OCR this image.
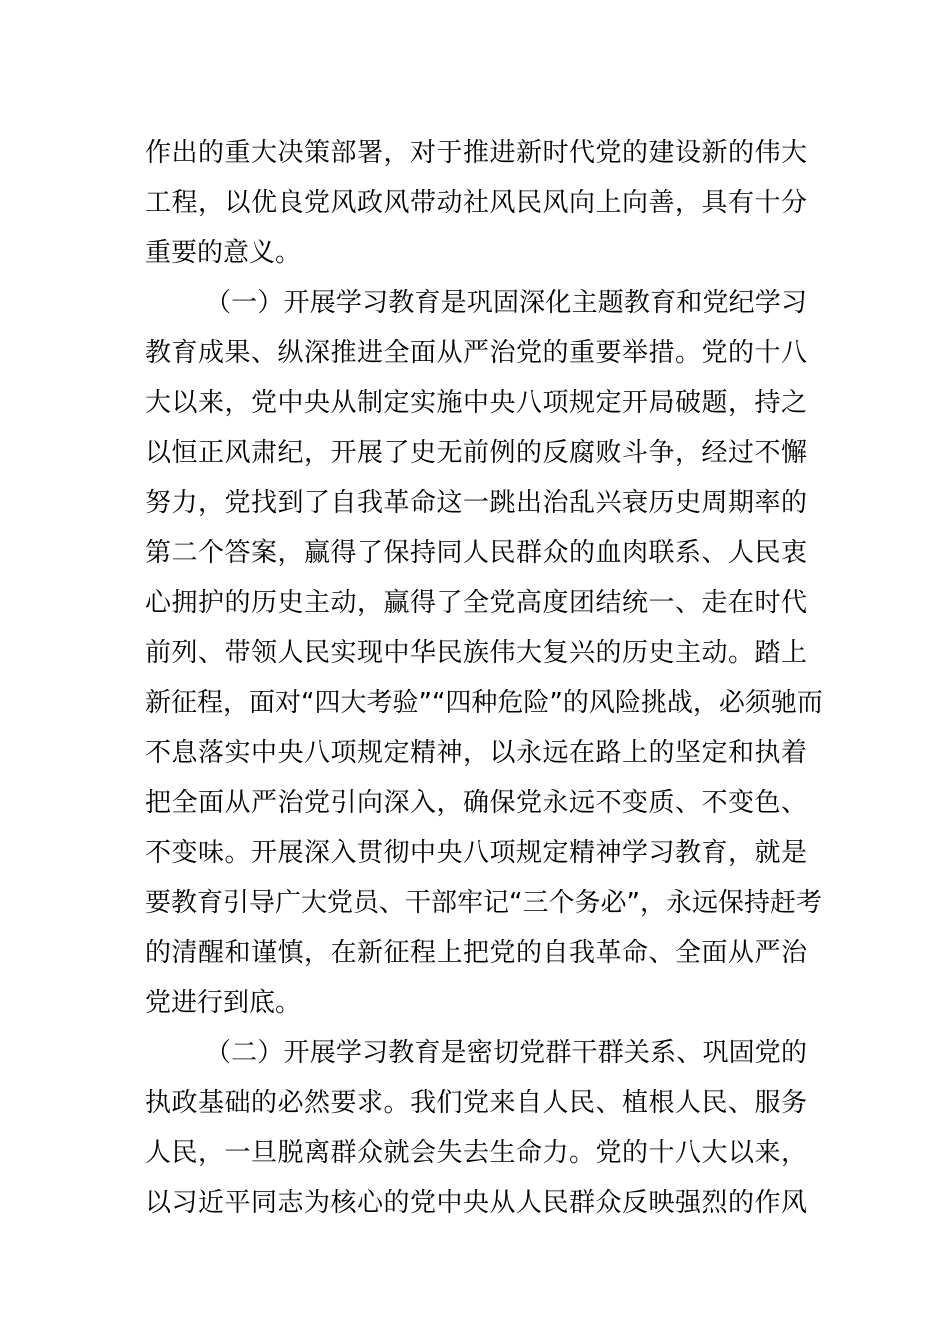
作出的重大决策部署，对于推进新时代党的建设新的伟大
工程，以优良党风政风带动社风民风向上向善，具有十分
重要的意义。
（一）开展学习教育是巩固深化主题教育和党纪学习
教育成果、纵深推进全面从严治党的重要举措。党的十八
大以来，党中央从制定实施中央八项规定开局破题，持之
以恒正风肃纪，开展了史无前例的反腐败斗争，经过不懈
努力，党找到了自我革命这一跳出治乱兴衰历史周期率的
第二个答案，赢得了保持同人民群众的血肉联系、人民衷
心拥护的历史主动，赢得了全党高度团结统一、走在时代
前列、带领人民实现中华民族伟大复兴的历史主动。踏上
新征程，面对“四大考验”“四种危险”的风险挑战，必须驰而
不息落实中央八项规定精神，以永远在路上的坚定和执着
把全面从严治党引向深入，确保党永远不变质、不变色、
不变味。开展深入贯彻中央八项规定精神学习教育，就是
要教育引导广大党员、干部牢记“三个务必”，永远保持赶考
的清醒和谨慎，在新征程上把党的自我革命、全面从严治
党进行到底。
（二）开展学习教育是密切党群干群关系、巩固党的
执政基础的必然要求。我们党来自人民、植根人民、服务
人民，一旦脱离群众就会失去生命力。党的十八大以来，
以习近平同志为核心的党中央从人民群众反映强烈的作风
